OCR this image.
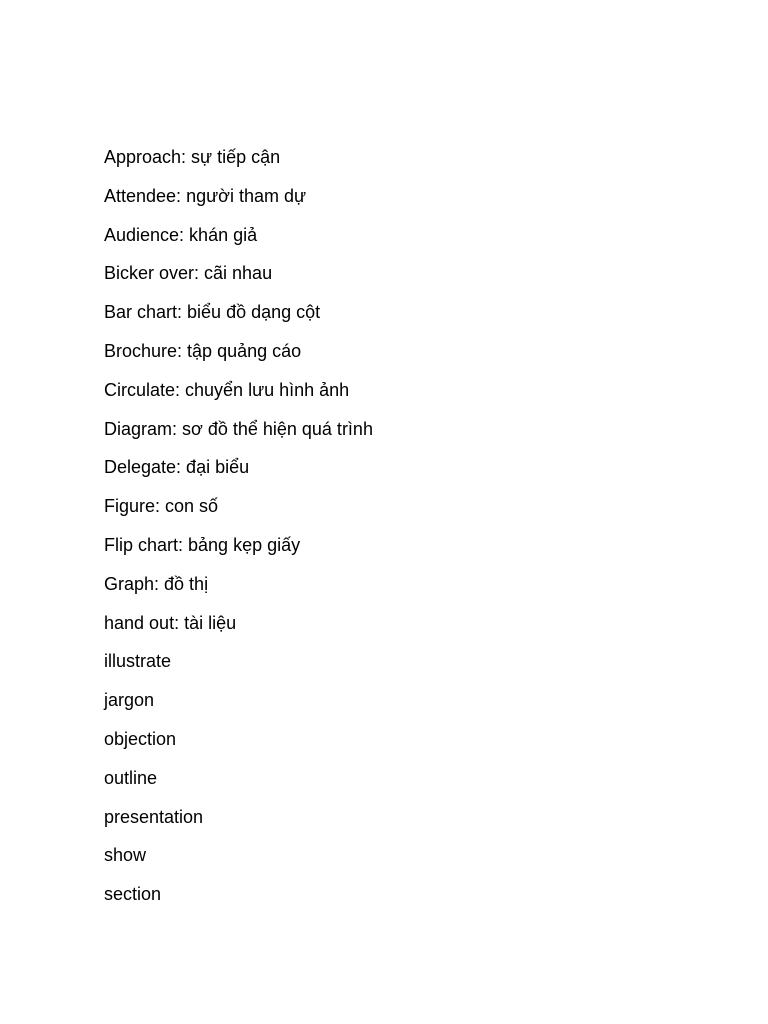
Approach: sự tiếp cận
Attendee: người tham dự
Audience: khán giả
Bicker over: cãi nhau
Bar chart: biểu đồ dạng cột
Brochure: tập quảng cáo
Circulate: chuyển lưu hình ảnh
Diagram: sơ đồ thể hiện quá trình
Delegate: đại biểu
Figure: con số
Flip chart: bảng kẹp giấy
Graph: đồ thị
hand out: tài liệu
illustrate
jargon
objection
outline
presentation
show
section
